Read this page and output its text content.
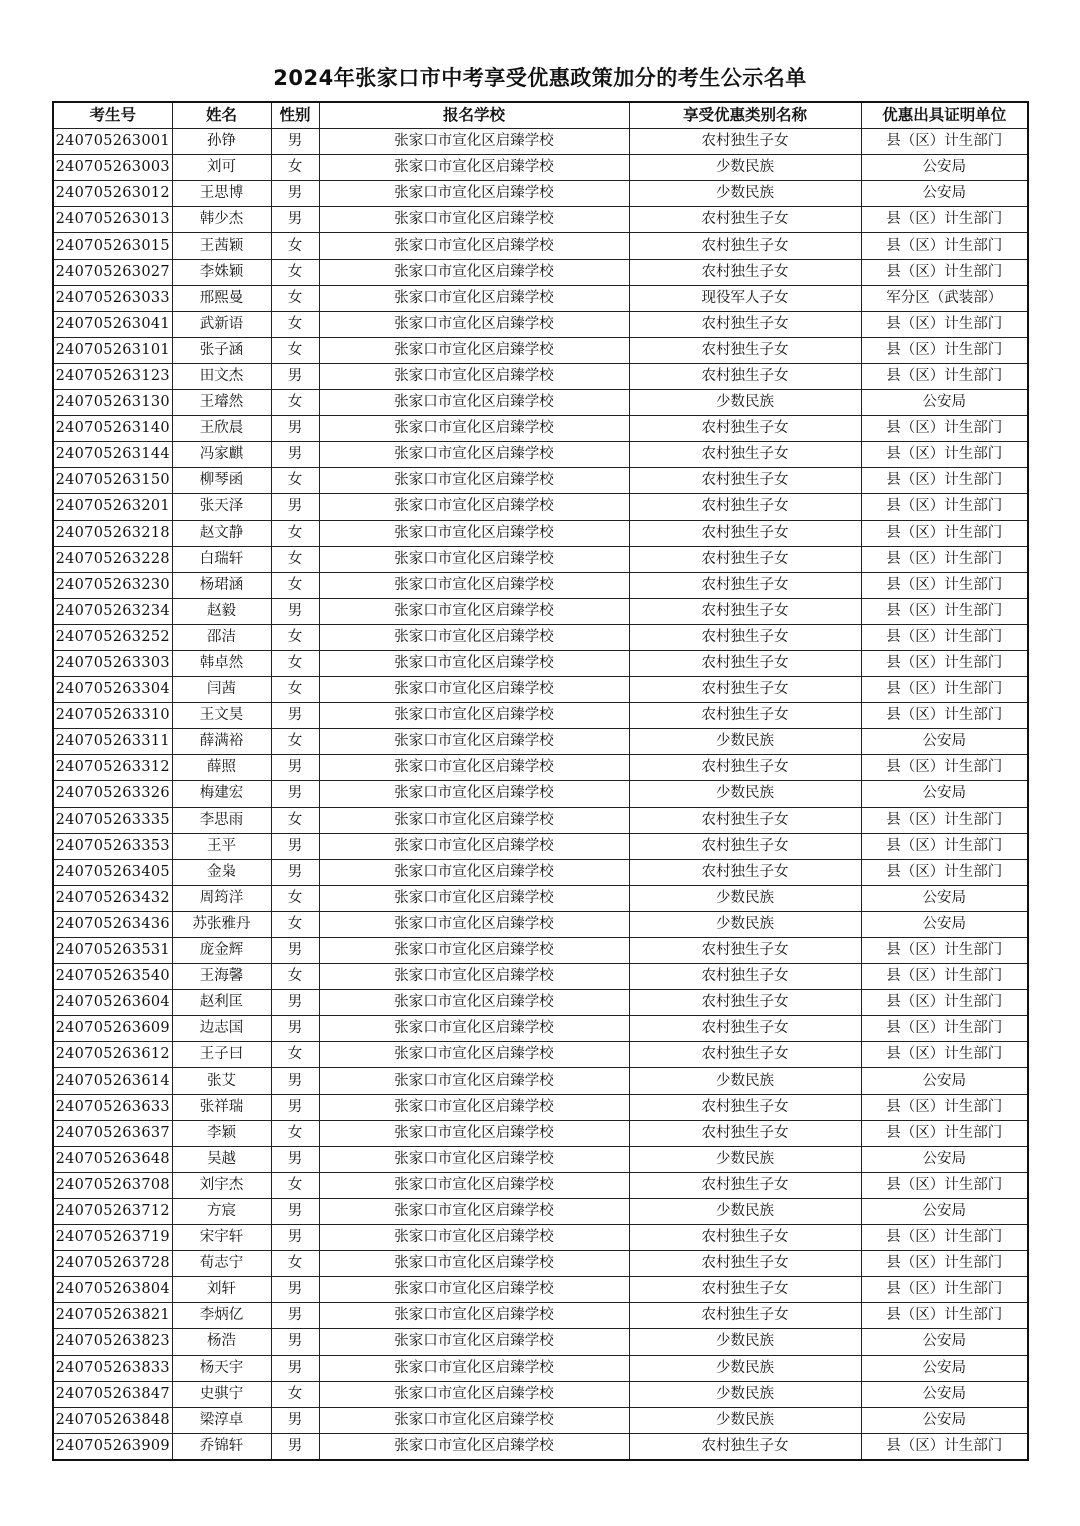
2024年张家口市中考享受优惠政策加分的考生公示名单
考生号	姓名	性别	报名学校	享受优惠类别名称	优惠出具证明单位
240705263001	孙铮	男	张家口市宣化区启臻学校	农村独生子女	县（区）计生部门
240705263003	刘可	女	张家口市宣化区启臻学校	少数民族	公安局
240705263012	王思博	男	张家口市宣化区启臻学校	少数民族	公安局
240705263013	韩少杰	男	张家口市宣化区启臻学校	农村独生子女	县（区）计生部门
240705263015	王茜颖	女	张家口市宣化区启臻学校	农村独生子女	县（区）计生部门
240705263027	李姝颖	女	张家口市宣化区启臻学校	农村独生子女	县（区）计生部门
240705263033	邢熙曼	女	张家口市宣化区启臻学校	现役军人子女	军分区（武装部）
240705263041	武新语	女	张家口市宣化区启臻学校	农村独生子女	县（区）计生部门
240705263101	张子涵	女	张家口市宣化区启臻学校	农村独生子女	县（区）计生部门
240705263123	田文杰	男	张家口市宣化区启臻学校	农村独生子女	县（区）计生部门
240705263130	王璿然	女	张家口市宣化区启臻学校	少数民族	公安局
240705263140	王欣晨	男	张家口市宣化区启臻学校	农村独生子女	县（区）计生部门
240705263144	冯家麒	男	张家口市宣化区启臻学校	农村独生子女	县（区）计生部门
240705263150	柳琴函	女	张家口市宣化区启臻学校	农村独生子女	县（区）计生部门
240705263201	张天泽	男	张家口市宣化区启臻学校	农村独生子女	县（区）计生部门
240705263218	赵文静	女	张家口市宣化区启臻学校	农村独生子女	县（区）计生部门
240705263228	白瑞轩	女	张家口市宣化区启臻学校	农村独生子女	县（区）计生部门
240705263230	杨珺涵	女	张家口市宣化区启臻学校	农村独生子女	县（区）计生部门
240705263234	赵毅	男	张家口市宣化区启臻学校	农村独生子女	县（区）计生部门
240705263252	邵洁	女	张家口市宣化区启臻学校	农村独生子女	县（区）计生部门
240705263303	韩卓然	女	张家口市宣化区启臻学校	农村独生子女	县（区）计生部门
240705263304	闫茜	女	张家口市宣化区启臻学校	农村独生子女	县（区）计生部门
240705263310	王文昊	男	张家口市宣化区启臻学校	农村独生子女	县（区）计生部门
240705263311	薛满裕	女	张家口市宣化区启臻学校	少数民族	公安局
240705263312	薛照	男	张家口市宣化区启臻学校	农村独生子女	县（区）计生部门
240705263326	梅建宏	男	张家口市宣化区启臻学校	少数民族	公安局
240705263335	李思雨	女	张家口市宣化区启臻学校	农村独生子女	县（区）计生部门
240705263353	王平	男	张家口市宣化区启臻学校	农村独生子女	县（区）计生部门
240705263405	金枭	男	张家口市宣化区启臻学校	农村独生子女	县（区）计生部门
240705263432	周筠洋	女	张家口市宣化区启臻学校	少数民族	公安局
240705263436	苏张雅丹	女	张家口市宣化区启臻学校	少数民族	公安局
240705263531	庞金辉	男	张家口市宣化区启臻学校	农村独生子女	县（区）计生部门
240705263540	王海馨	女	张家口市宣化区启臻学校	农村独生子女	县（区）计生部门
240705263604	赵利匡	男	张家口市宣化区启臻学校	农村独生子女	县（区）计生部门
240705263609	边志国	男	张家口市宣化区启臻学校	农村独生子女	县（区）计生部门
240705263612	王子曰	女	张家口市宣化区启臻学校	农村独生子女	县（区）计生部门
240705263614	张艾	男	张家口市宣化区启臻学校	少数民族	公安局
240705263633	张祥瑞	男	张家口市宣化区启臻学校	农村独生子女	县（区）计生部门
240705263637	李颖	女	张家口市宣化区启臻学校	农村独生子女	县（区）计生部门
240705263648	吴越	男	张家口市宣化区启臻学校	少数民族	公安局
240705263708	刘宇杰	女	张家口市宣化区启臻学校	农村独生子女	县（区）计生部门
240705263712	方宸	男	张家口市宣化区启臻学校	少数民族	公安局
240705263719	宋宇轩	男	张家口市宣化区启臻学校	农村独生子女	县（区）计生部门
240705263728	荀志宁	女	张家口市宣化区启臻学校	农村独生子女	县（区）计生部门
240705263804	刘轩	男	张家口市宣化区启臻学校	农村独生子女	县（区）计生部门
240705263821	李炳亿	男	张家口市宣化区启臻学校	农村独生子女	县（区）计生部门
240705263823	杨浩	男	张家口市宣化区启臻学校	少数民族	公安局
240705263833	杨天宇	男	张家口市宣化区启臻学校	少数民族	公安局
240705263847	史骐宁	女	张家口市宣化区启臻学校	少数民族	公安局
240705263848	梁淳卓	男	张家口市宣化区启臻学校	少数民族	公安局
240705263909	乔锦轩	男	张家口市宣化区启臻学校	农村独生子女	县（区）计生部门
